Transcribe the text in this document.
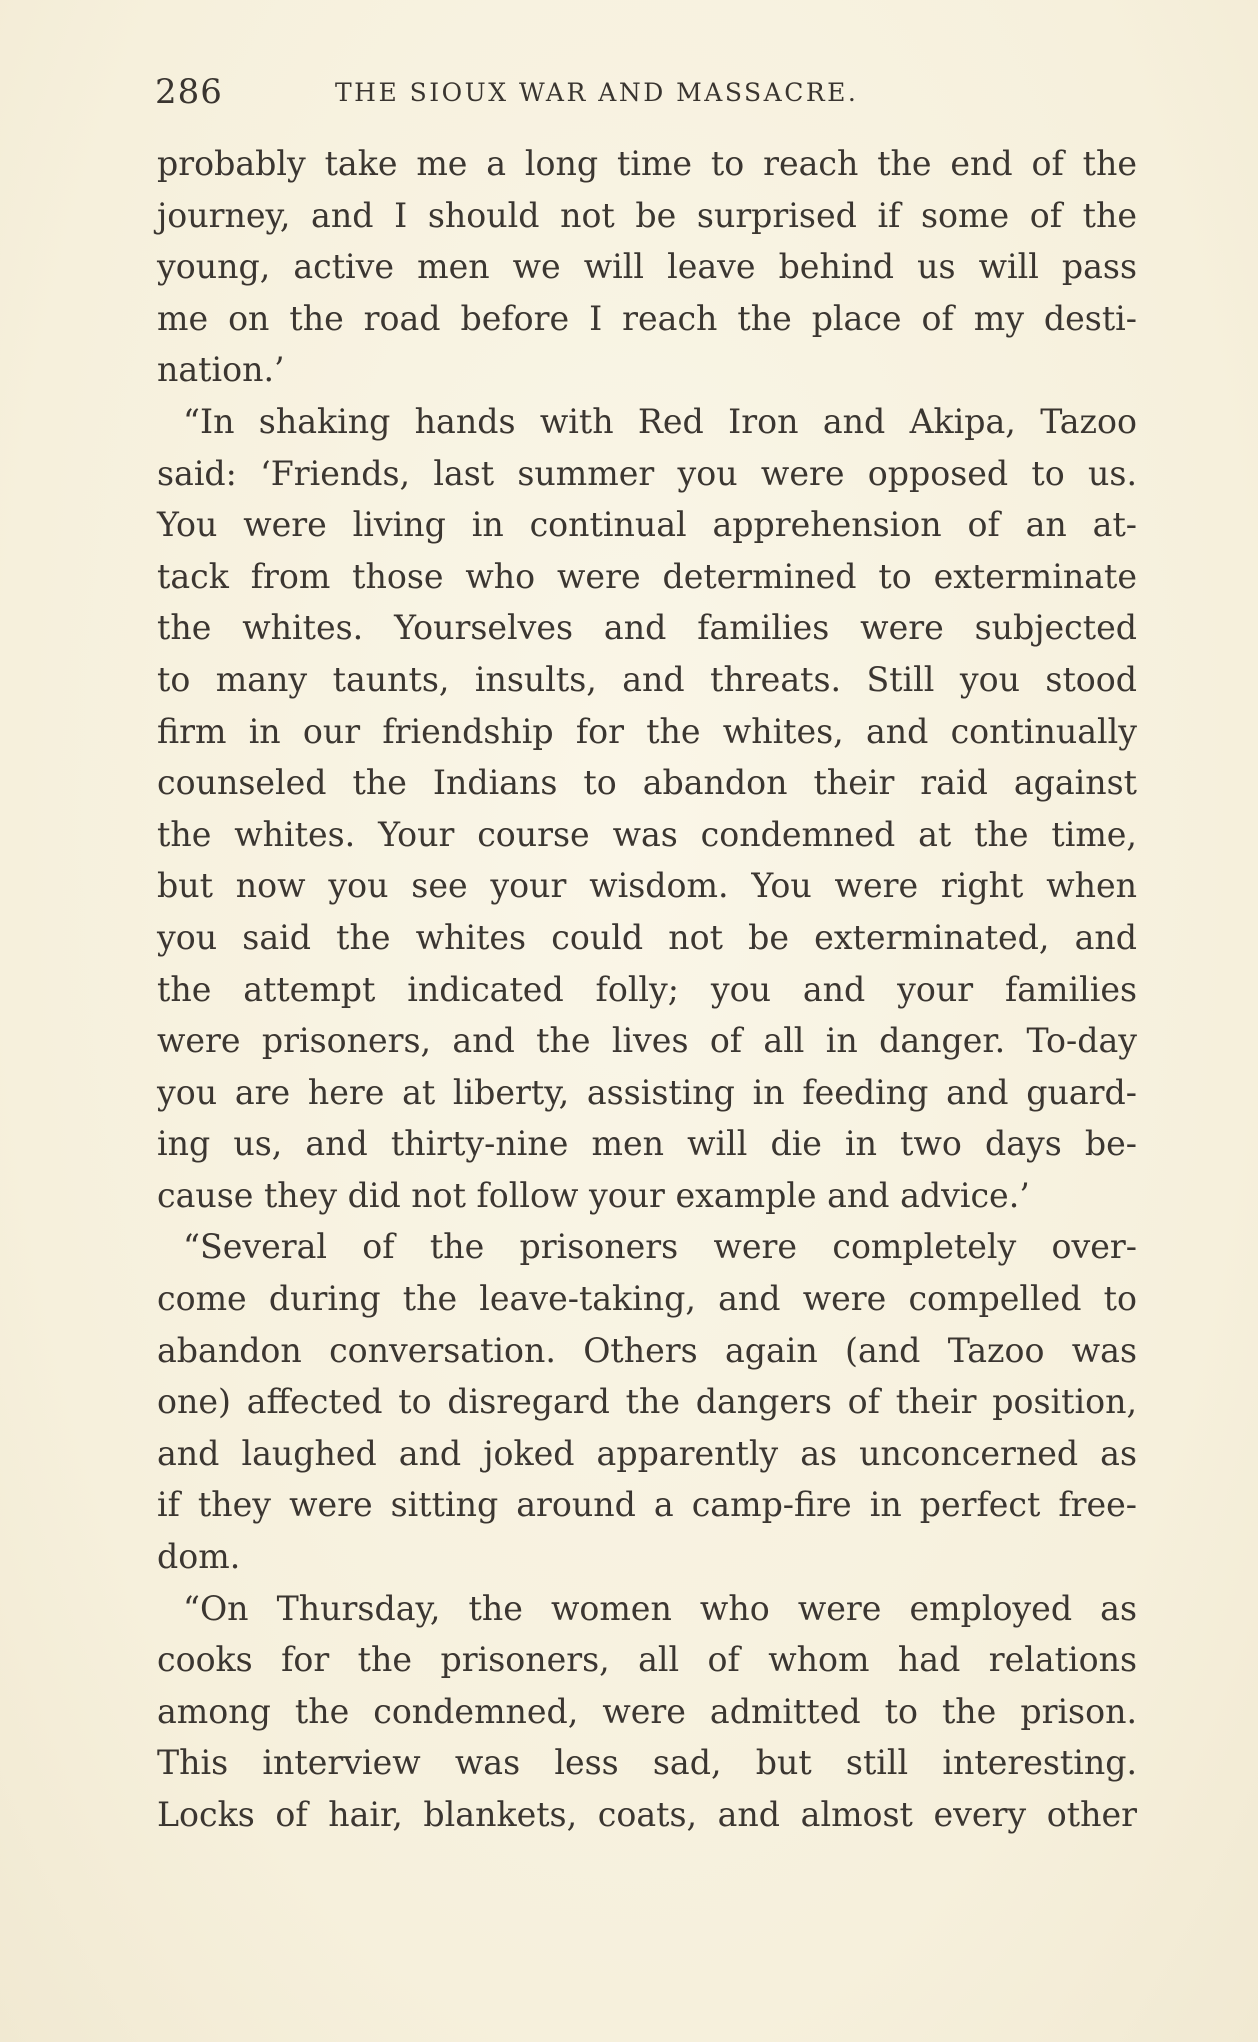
286	THE SIOUX WAR AND MASSACRE.
probably take me a long time to reach the end of the
journey, and I should not be surprised if some of the
young, active men we will leave behind us will pass
me on the road before I reach the place of my desti-
nation.’
“In shaking hands with Red Iron and Akipa, Tazoo
said: ‘Friends, last summer you were opposed to us.
You were living in continual apprehension of an at-
tack from those who were determined to exterminate
the whites. Yourselves and families were subjected
to many taunts, insults, and threats. Still you stood
firm in our friendship for the whites, and continually
counseled the Indians to abandon their raid against
the whites. Your course was condemned at the time,
but now you see your wisdom. You were right when
you said the whites could not be exterminated, and
the attempt indicated folly; you and your families
were prisoners, and the lives of all in danger. To-day
you are here at liberty, assisting in feeding and guard-
ing us, and thirty-nine men will die in two days be-
cause they did not follow your example and advice.’
“Several of the prisoners were completely over-
come during the leave-taking, and were compelled to
abandon conversation. Others again (and Tazoo was
one) affected to disregard the dangers of their position,
and laughed and joked apparently as unconcerned as
if they were sitting around a camp-fire in perfect free-
dom.
“On Thursday, the women who were employed as
cooks for the prisoners, all of whom had relations
among the condemned, were admitted to the prison.
This interview was less sad, but still interesting.
Locks of hair, blankets, coats, and almost every other
